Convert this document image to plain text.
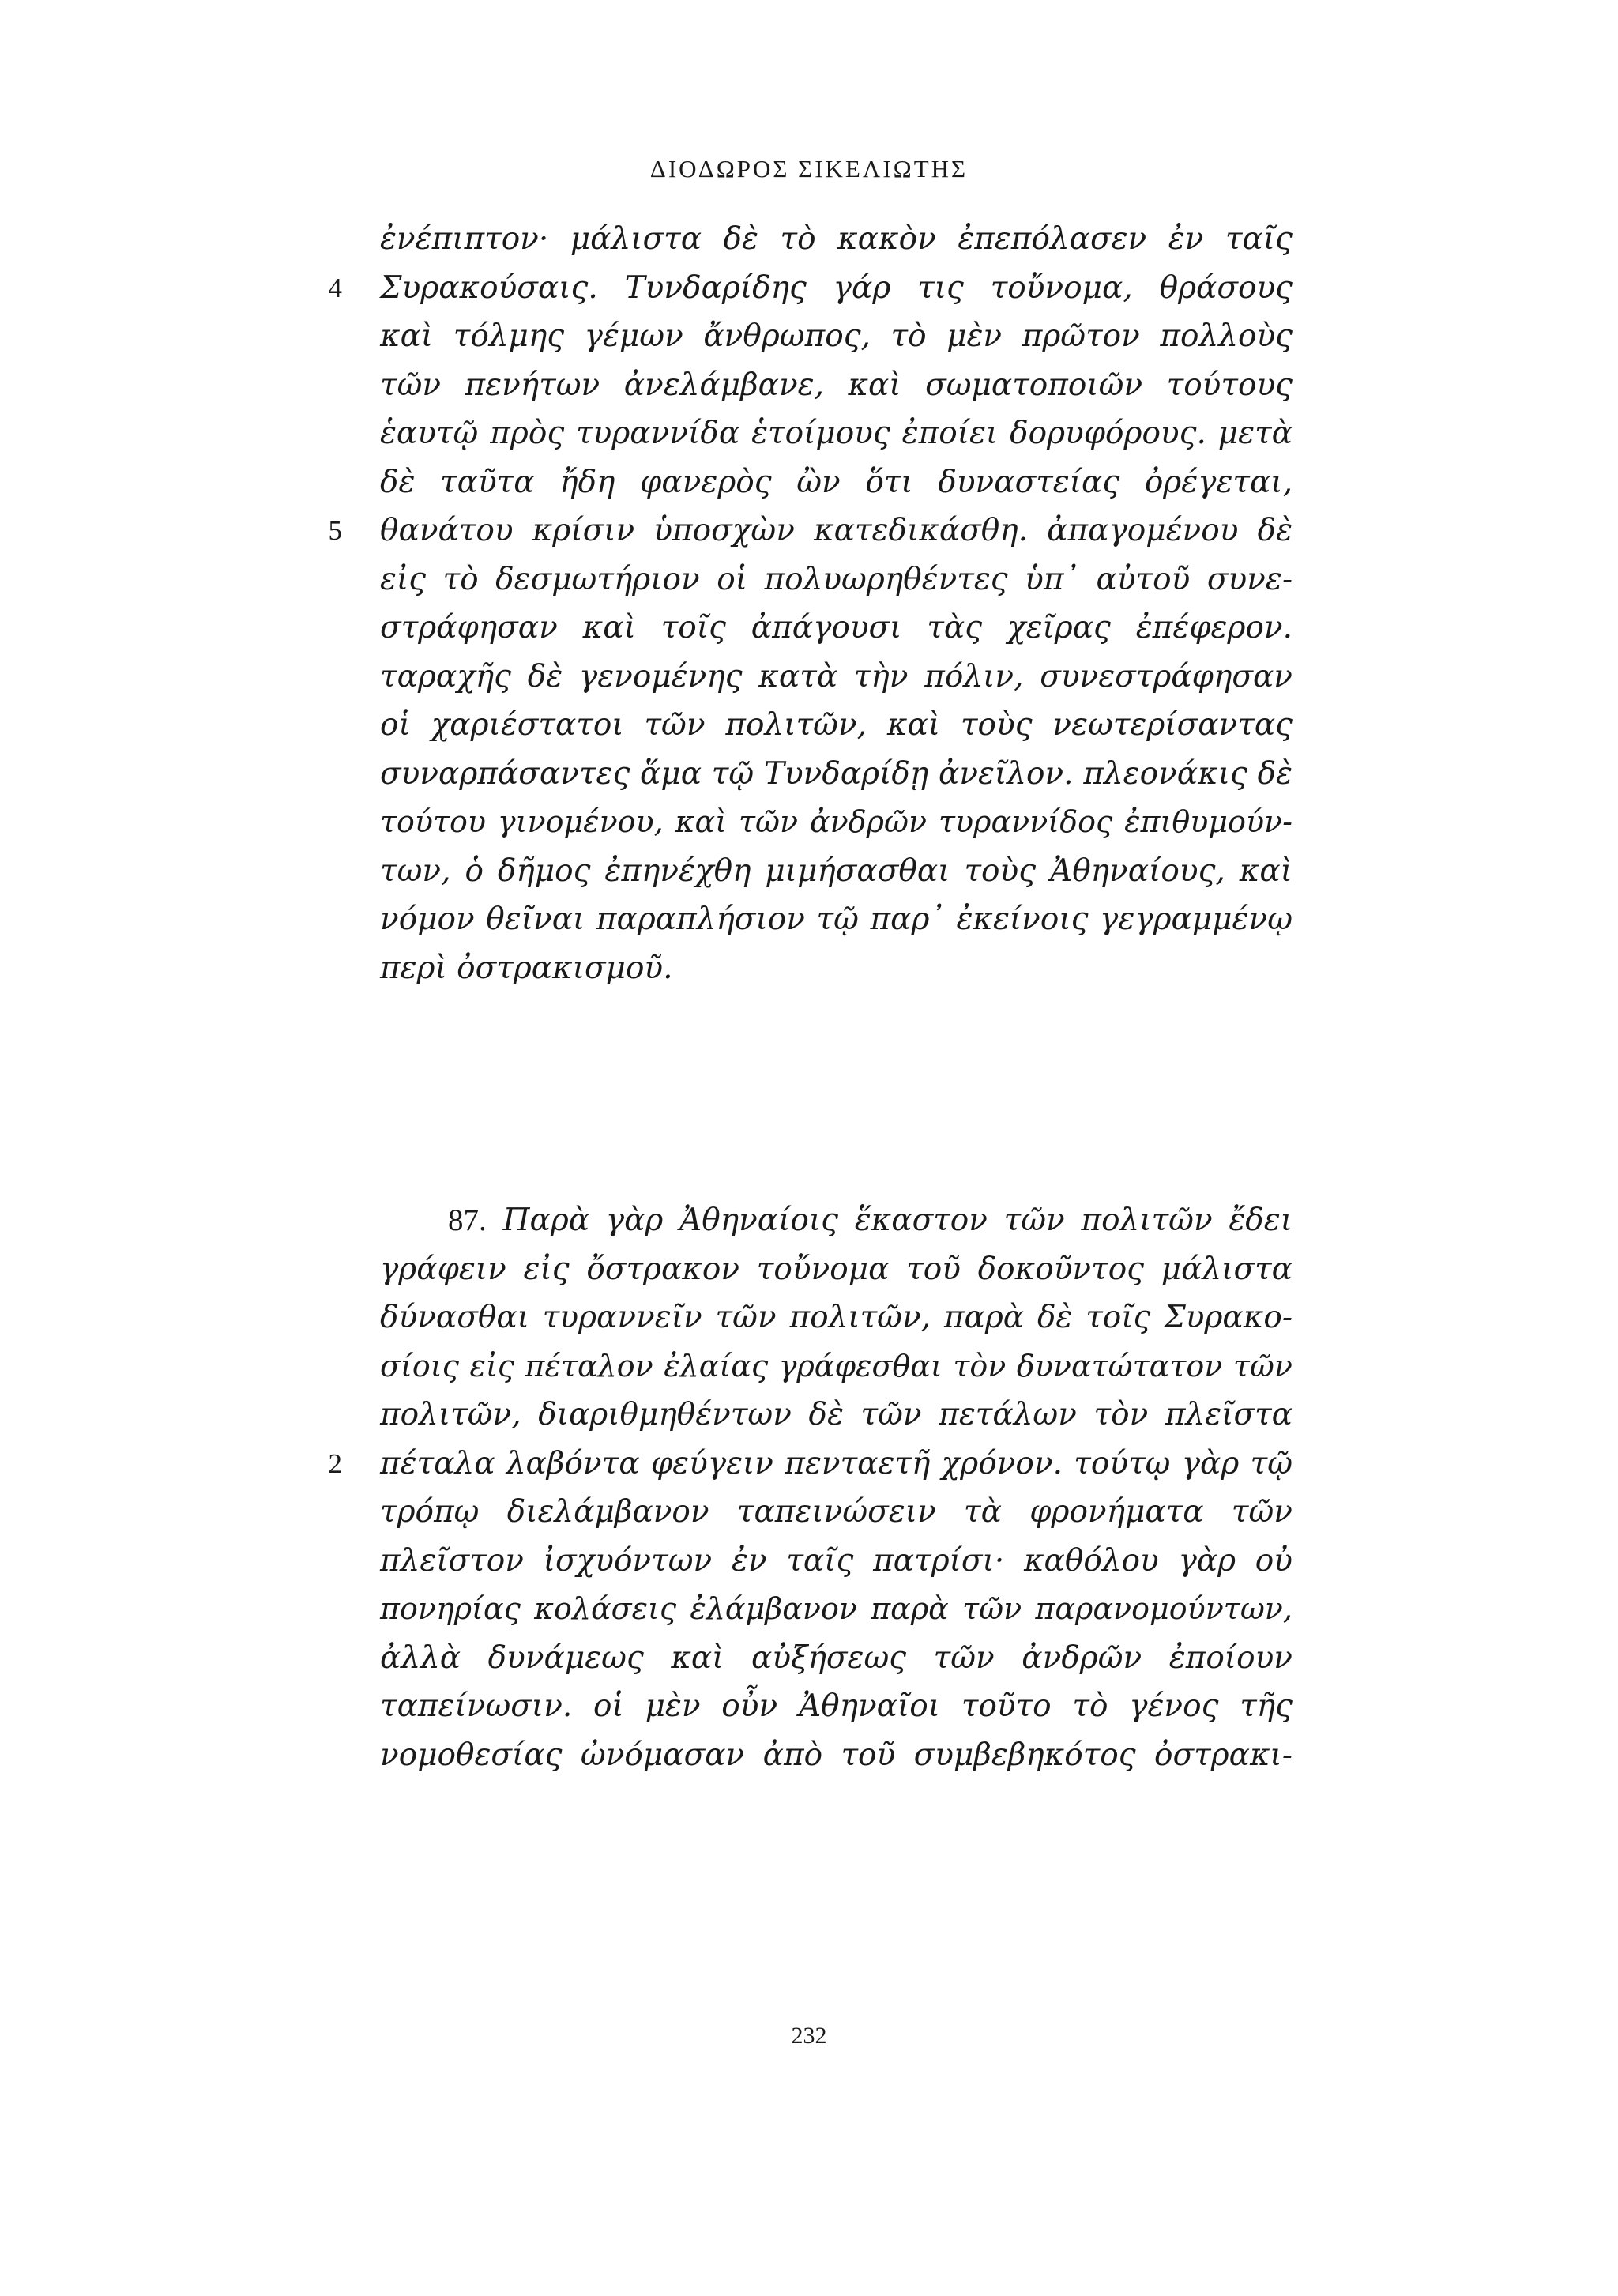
ΔΙΟΔΩΡΟΣ ΣΙΚΕΛΙΩΤΗΣ
4
5
2
ἐνέπιπτον· μάλιστα δὲ τὸ κακὸν ἐπεπόλασεν ἐν ταῖς
Συρακούσαις. Τυνδαρίδης γάρ τις τοὔνομα, θράσους
καὶ τόλμης γέμων ἄνθρωπος, τὸ μὲν πρῶτον πολλοὺς
τῶν πενήτων ἀνελάμβανε, καὶ σωματοποιῶν τούτους
ἑαυτῷ πρὸς τυραννίδα ἑτοίμους ἐποίει δορυφόρους. μετὰ
δὲ ταῦτα ἤδη φανερὸς ὢν ὅτι δυναστείας ὀρέγεται,
θανάτου κρίσιν ὑποσχὼν κατεδικάσθη. ἀπαγομένου δὲ
εἰς τὸ δεσμωτήριον οἱ πολυωρηθέντες ὑπ᾽ αὐτοῦ συνε-
στράφησαν καὶ τοῖς ἀπάγουσι τὰς χεῖρας ἐπέφερον.
ταραχῆς δὲ γενομένης κατὰ τὴν πόλιν, συνεστράφησαν
οἱ χαριέστατοι τῶν πολιτῶν, καὶ τοὺς νεωτερίσαντας
συναρπάσαντες ἅμα τῷ Τυνδαρίδῃ ἀνεῖλον. πλεονάκις δὲ
τούτου γινομένου, καὶ τῶν ἀνδρῶν τυραννίδος ἐπιθυμούν-
των, ὁ δῆμος ἐπηνέχθη μιμήσασθαι τοὺς Ἀθηναίους, καὶ
νόμον θεῖναι παραπλήσιον τῷ παρ᾽ ἐκείνοις γεγραμμένῳ
περὶ ὀστρακισμοῦ.
87. Παρὰ γὰρ Ἀθηναίοις ἕκαστον τῶν πολιτῶν ἔδει
γράφειν εἰς ὄστρακον τοὔνομα τοῦ δοκοῦντος μάλιστα
δύνασθαι τυραννεῖν τῶν πολιτῶν, παρὰ δὲ τοῖς Συρακο-
σίοις εἰς πέταλον ἐλαίας γράφεσθαι τὸν δυνατώτατον τῶν
πολιτῶν, διαριθμηθέντων δὲ τῶν πετάλων τὸν πλεῖστα
πέταλα λαβόντα φεύγειν πενταετῆ χρόνον. τούτῳ γὰρ τῷ
τρόπῳ διελάμβανον ταπεινώσειν τὰ φρονήματα τῶν
πλεῖστον ἰσχυόντων ἐν ταῖς πατρίσι· καθόλου γὰρ οὐ
πονηρίας κολάσεις ἐλάμβανον παρὰ τῶν παρανομούντων,
ἀλλὰ δυνάμεως καὶ αὐξήσεως τῶν ἀνδρῶν ἐποίουν
ταπείνωσιν. οἱ μὲν οὖν Ἀθηναῖοι τοῦτο τὸ γένος τῆς
νομοθεσίας ὠνόμασαν ἀπὸ τοῦ συμβεβηκότος ὀστρακι-
232
